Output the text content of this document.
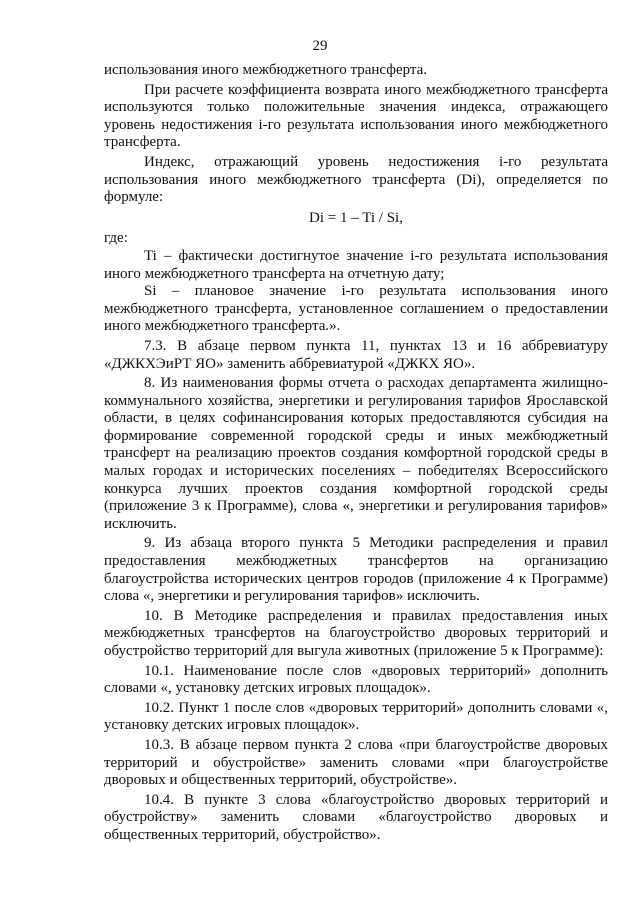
29

использования иного межбюджетного трансферта.

При расчете коэффициента возврата иного межбюджетного трансферта используются только положительные значения индекса, отражающего уровень недостижения i-го результата использования иного межбюджетного трансферта.

Индекс, отражающий уровень недостижения i-го результата использования иного межбюджетного трансферта (Di), определяется по формуле:

Di = 1 – Ti / Si,

где:

Ti – фактически достигнутое значение i-го результата использования иного межбюджетного трансферта на отчетную дату;

Si – плановое значение i-го результата использования иного межбюджетного трансферта, установленное соглашением о предоставлении иного межбюджетного трансферта.».

7.3. В абзаце первом пункта 11, пунктах 13 и 16 аббревиатуру «ДЖКХЭиРТ ЯО» заменить аббревиатурой «ДЖКХ ЯО».

8. Из наименования формы отчета о расходах департамента жилищно-коммунального хозяйства, энергетики и регулирования тарифов Ярославской области, в целях софинансирования которых предоставляются субсидия на формирование современной городской среды и иных межбюджетный трансферт на реализацию проектов создания комфортной городской среды в малых городах и исторических поселениях – победителях Всероссийского конкурса лучших проектов создания комфортной городской среды (приложение 3 к Программе), слова «, энергетики и регулирования тарифов» исключить.

9. Из абзаца второго пункта 5 Методики распределения и правил предоставления межбюджетных трансфертов на организацию благоустройства исторических центров городов (приложение 4 к Программе) слова «, энергетики и регулирования тарифов» исключить.

10. В Методике распределения и правилах предоставления иных межбюджетных трансфертов на благоустройство дворовых территорий и обустройство территорий для выгула животных (приложение 5 к Программе):

10.1. Наименование после слов «дворовых территорий» дополнить словами «, установку детских игровых площадок».

10.2. Пункт 1 после слов «дворовых территорий» дополнить словами «, установку детских игровых площадок».

10.3. В абзаце первом пункта 2 слова «при благоустройстве дворовых территорий и обустройстве» заменить словами «при благоустройстве дворовых и общественных территорий, обустройстве».

10.4. В пункте 3 слова «благоустройство дворовых территорий и обустройству» заменить словами «благоустройство дворовых и общественных территорий, обустройство».
